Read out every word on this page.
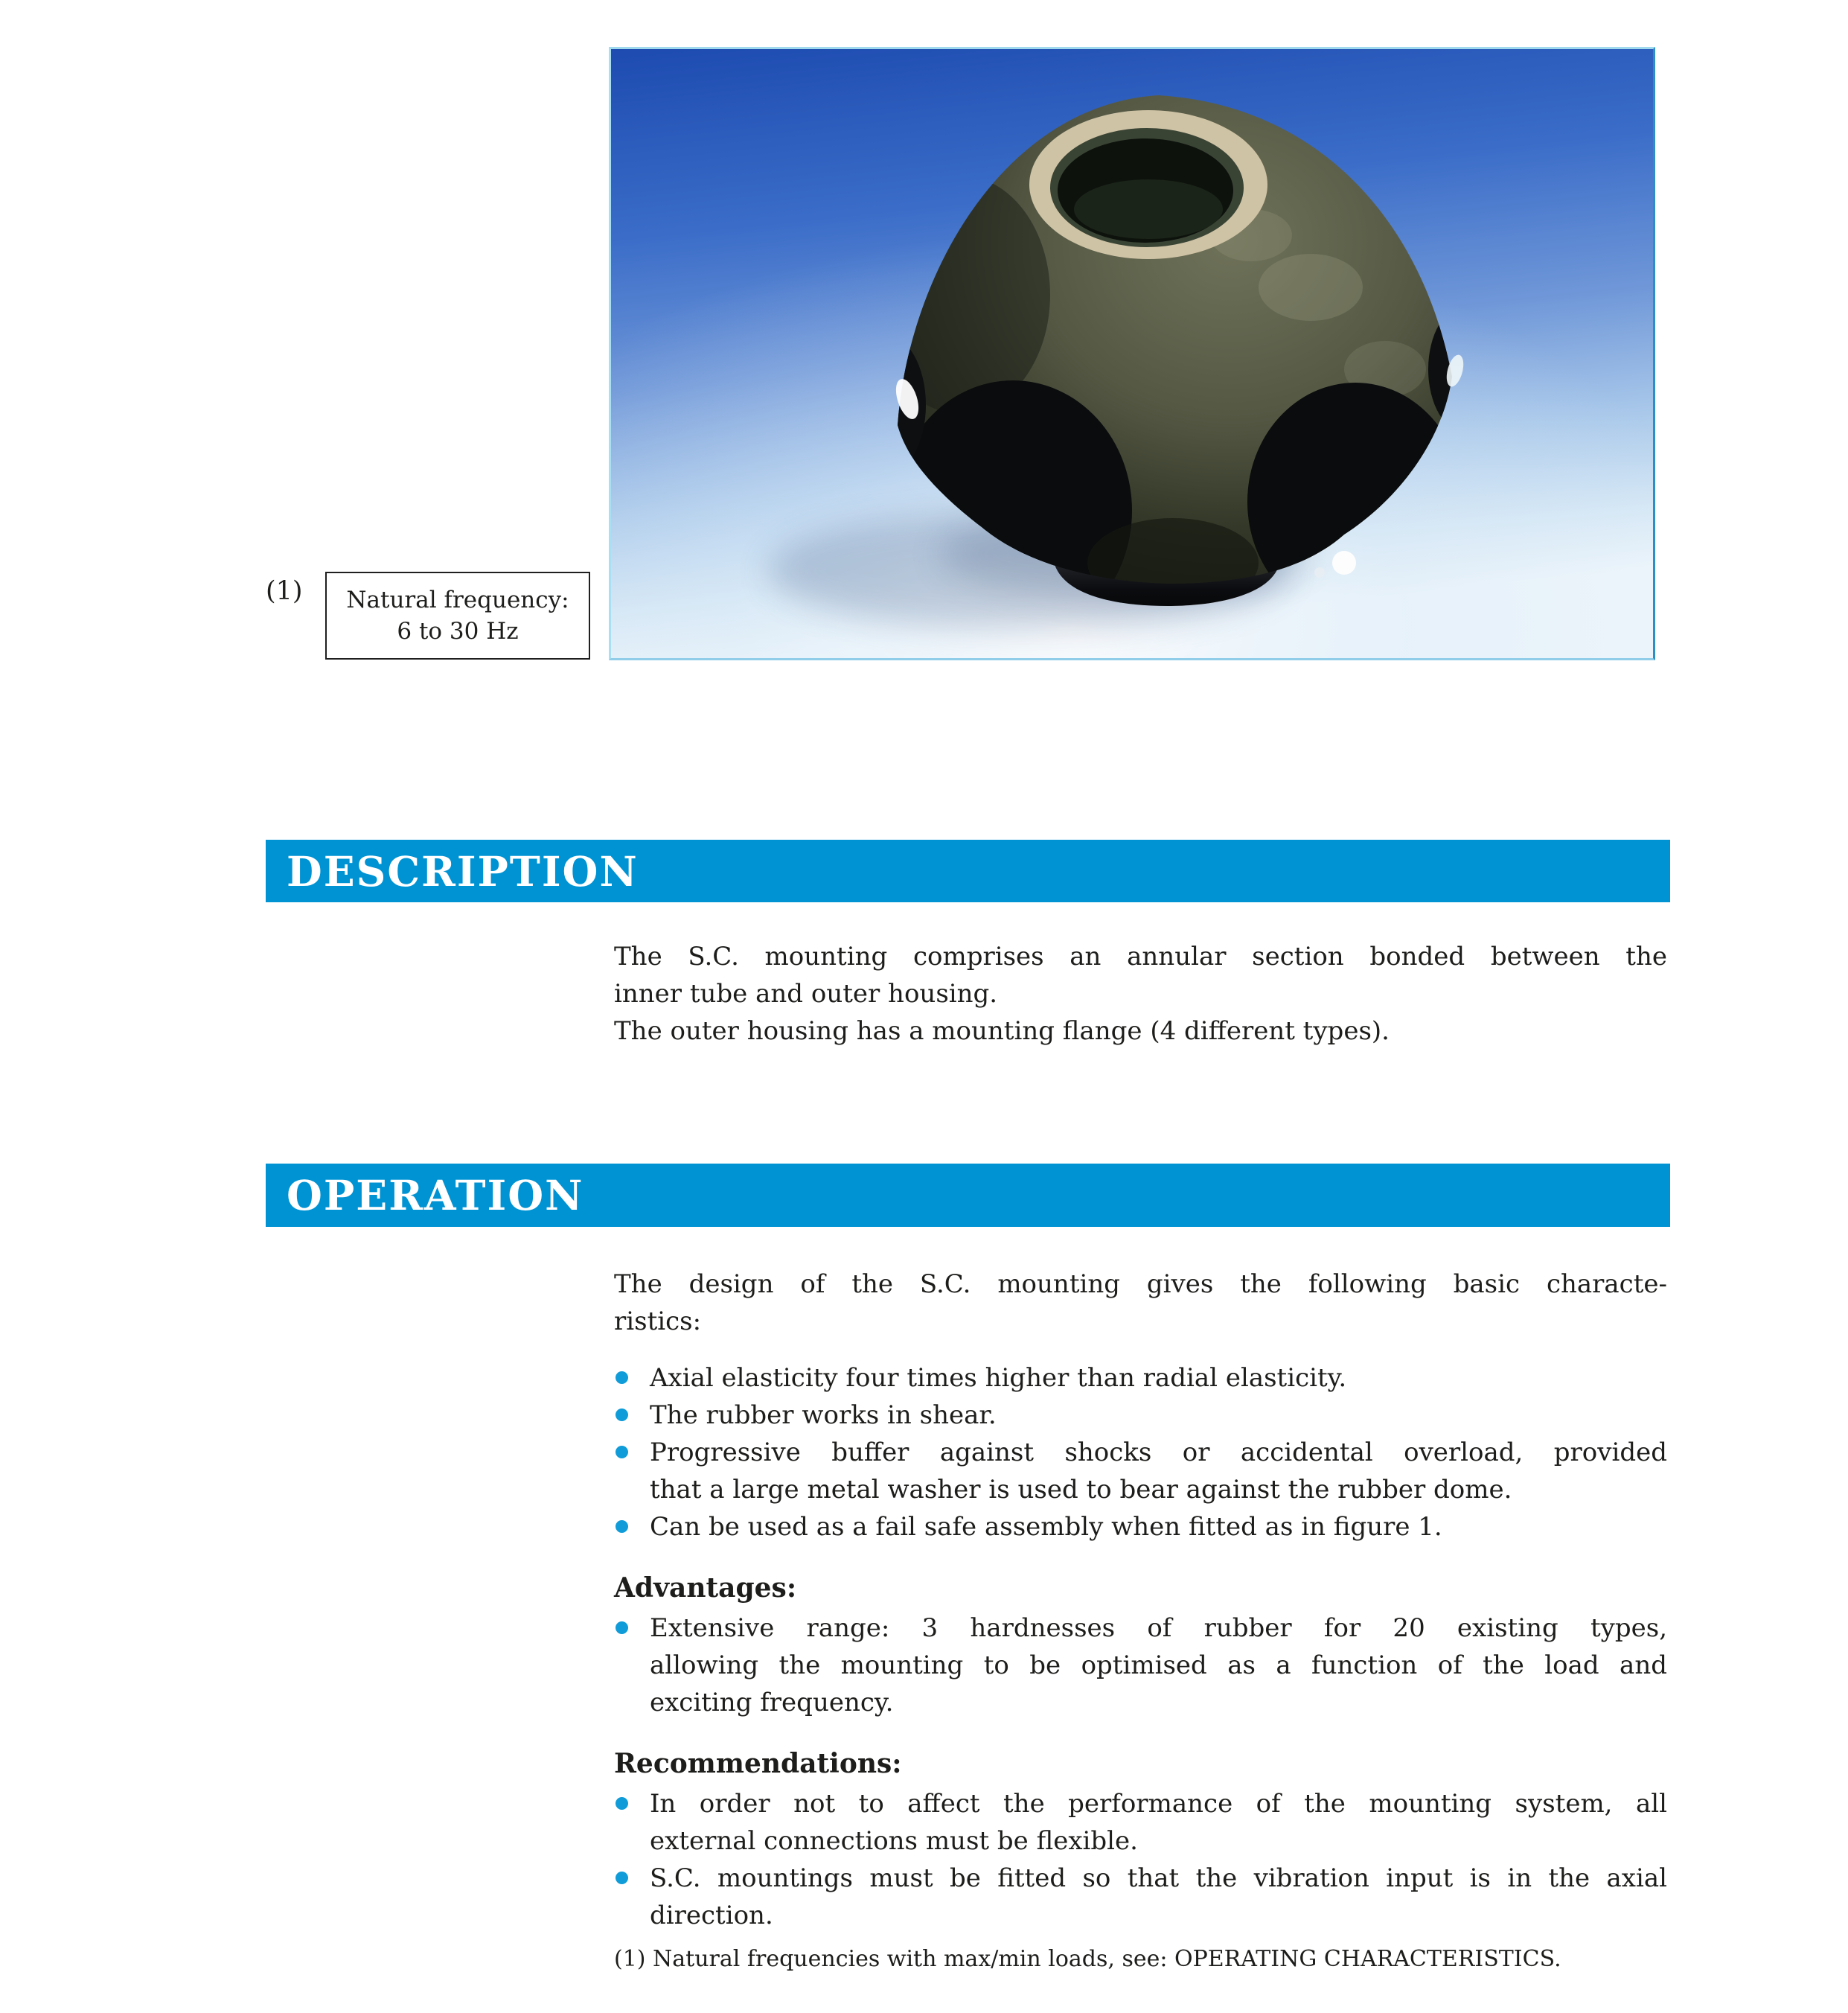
(1)	Natural frequency:
6 to 30 Hz
DESCRIPTION
The S.C. mounting comprises an annular section bonded between the
inner tube and outer housing.
The outer housing has a mounting flange (4 different types).
OPERATION
The design of the S.C. mounting gives the following basic characte-
ristics:
Axial elasticity four times higher than radial elasticity.
The rubber works in shear.
Progressive buffer against shocks or accidental overload, provided
that a large metal washer is used to bear against the rubber dome.
Can be used as a fail safe assembly when fitted as in figure 1.
Advantages:
Extensive range: 3 hardnesses of rubber for 20 existing types,
allowing the mounting to be optimised as a function of the load and
exciting frequency.
Recommendations:
In order not to affect the performance of the mounting system, all
external connections must be flexible.
S.C. mountings must be fitted so that the vibration input is in the axial
direction.
(1) Natural frequencies with max/min loads, see: OPERATING CHARACTERISTICS.
